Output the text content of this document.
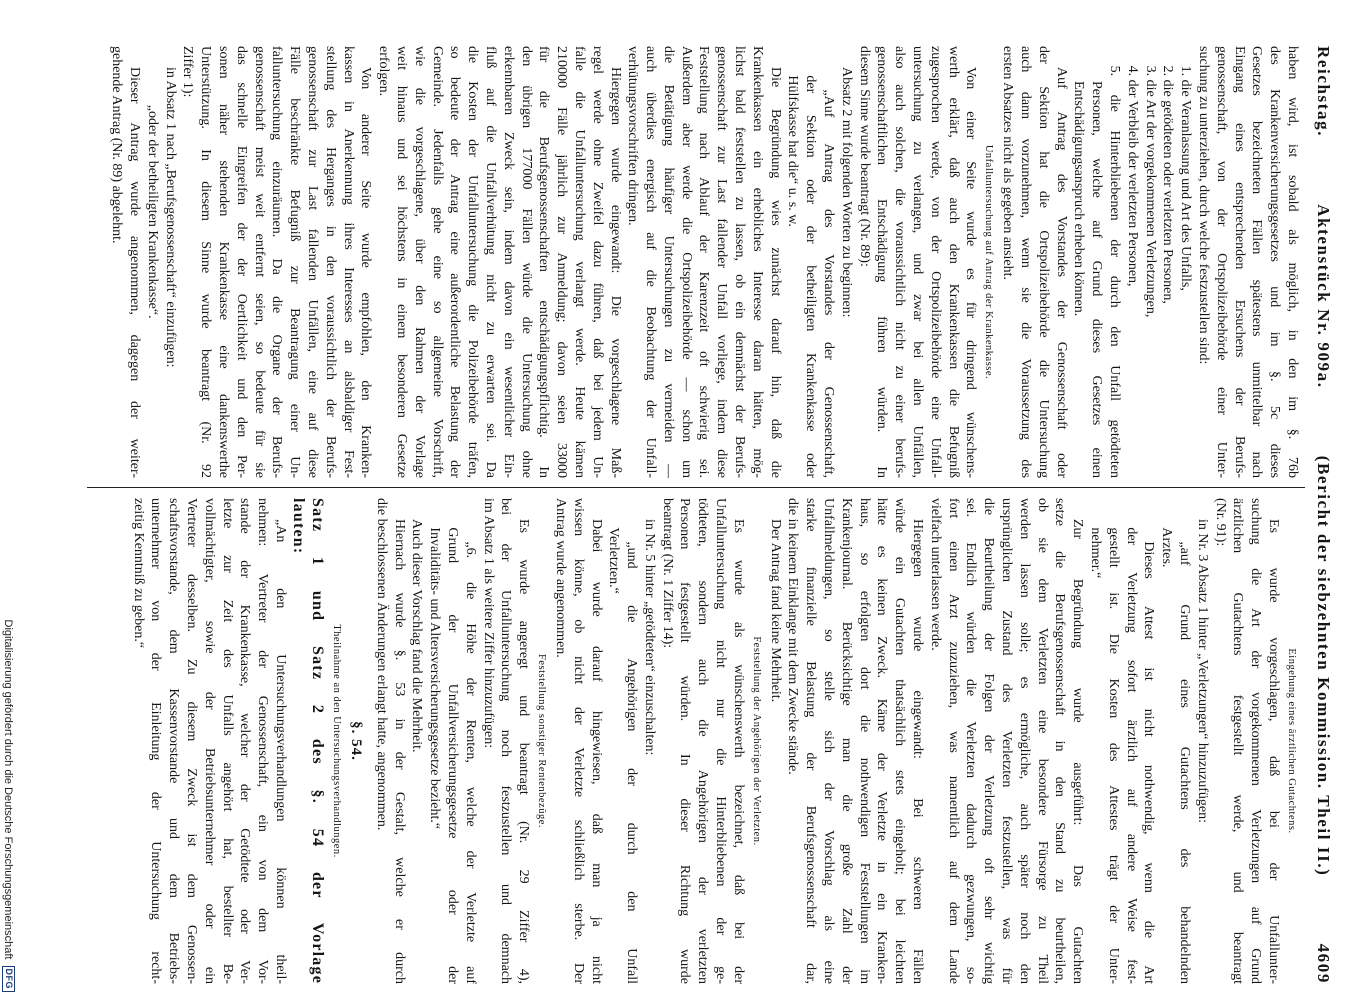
Reichstag.
Aktenstück Nr. 909a.
(Bericht der siebzehnten Kommission. Theil II.)
4609
haben wird, ist sobald als möglich, in den im §. 76b
des Krankenversicherungsgesetzes und im §. 5c dieses
Gesetzes bezeichneten Fällen spätestens unmittelbar nach
Eingang eines entsprechenden Ersuchens der Berufs-
genossenschaft, von der Ortspolizeibehörde einer Unter-
suchung zu unterziehen, durch welche festzustellen sind:
1. die Veranlassung und Art des Unfalls,
2. die getödteten oder verletzten Personen,
3. die Art der vorgekommenen Verletzungen,
4. der Verbleib der verletzten Personen,
5. die Hinterbliebenen der durch den Unfall getödteten
Personen, welche auf Grund dieses Gesetzes einen
Entschädigungsanspruch erheben können.
Auf Antrag des Vorstandes der Genossenschaft oder
der Sektion hat die Ortspolizeibehörde die Untersuchung
auch dann vorzunehmen, wenn sie die Voraussetzung des
ersten Absatzes nicht als gegeben ansieht.
Unfalluntersuchung auf Antrag der Krankenkasse.
Von einer Seite wurde es für dringend wünschens-
werth erklärt, daß auch den Krankenkassen die Befugniß
zugesprochen werde, von der Ortspolizeibehörde eine Unfall-
untersuchung zu verlangen, und zwar bei allen Unfällen,
also auch solchen, die voraussichtlich nicht zu einer berufs-
genossenschaftlichen Entschädigung führen würden. In
diesem Sinne wurde beantragt (Nr. 89):
Absatz 2 mit folgenden Worten zu beginnen:
„Auf Antrag des Vorstandes der Genossenschaft,
der Sektion oder der betheiligten Krankenkasse oder
Hülfskasse hat die“ u. s. w.
Die Begründung wies zunächst darauf hin, daß die
Krankenkassen ein erhebliches Interesse daran hätten, mög-
lichst bald feststellen zu lassen, ob ein demnächst der Berufs-
genossenschaft zur Last fallender Unfall vorliege, indem diese
Feststellung nach Ablauf der Karenzzeit oft schwierig sei.
Außerdem aber werde die Ortspolizeibehörde — schon um
die Betätigung häufiger Untersuchungen zu vermeiden —
auch überdies energisch auf die Beobachtung der Unfall-
verhütungsvorschriften dringen.
Hiergegen wurde eingewandt: Die vorgeschlagene Maß-
regel werde ohne Zweifel dazu führen, daß bei jedem Un-
falle die Unfalluntersuchung verlangt werde. Heute kämen
210000 Fälle jährlich zur Anmeldung; davon seien 33000
für die Berufsgenossenschaften entschädigungspflichtig. In
den übrigen 177000 Fällen würde die Untersuchung ohne
erkennbaren Zweck sein, indem davon ein wesentlicher Ein-
fluß auf die Unfallverhütung nicht zu erwarten sei. Da
die Kosten der Unfalluntersuchung die Polizeibehörde träfen,
so bedeute der Antrag eine außerordentliche Belastung der
Gemeinde. Jedenfalls gehe eine so allgemeine Vorschrift,
wie die vorgeschlagene, über den Rahmen der Vorlage
weit hinaus und sei höchstens in einem besonderen Gesetze
erfolgen.
Von anderer Seite wurde empfohlen, den Kranken-
kassen in Anerkennung ihres Interesses an alsbaldiger Fest-
stellung des Herganges in den voraussichtlich der Berufs-
genossenschaft zur Last fallenden Unfällen, eine auf diese
Fälle beschränkte Befugniß zur Beantragung einer Un-
falluntersuchung einzuräumen. Da die Organe der Berufs-
genossenschaft meist weit entfernt seien, so bedeute für sie
das schnelle Eingreifen der der Oertlichkeit und den Per-
sonen näher stehenden Krankenkasse eine dankenswerthe
Unterstützung. In diesem Sinne wurde beantragt (Nr. 92
Ziffer 1):
in Absatz 1 nach „Berufsgenossenschaft“ einzufügen:
„oder der betheiligten Krankenkasse“.
Dieser Antrag wurde angenommen, dagegen der weiter-
gehende Antrag (Nr. 89) abgelehnt.
Eingehung eines ärztlichen Gutachtens.
Es wurde vorgeschlagen, daß bei der Unfallunter-
suchung die Art der vorgekommenen Verletzungen auf Grund
ärztlichen Gutachtens festgestellt werde, und beantragt
(Nr. 91):
in Nr. 3 Absatz 1 hinter „Verletzungen“ hinzuzufügen:
„auf Grund eines Gutachtens des behandelnden
Arztes.
Dieses Attest ist nicht nothwendig, wenn die Art
der Verletzung sofort ärztlich auf andere Weise fest-
gestellt ist. Die Kosten des Attestes trägt der Unter-
nehmer.“
Zur Begründung wurde ausgeführt: Das Gutachten
setze die Berufsgenossenschaft in den Stand zu beurtheilen,
ob sie dem Verletzten eine besondere Fürsorge zu Theil
werden lassen solle; es ermögliche, auch später noch den
ursprünglichen Zustand des Verletzten festzustellen, was für
die Beurtheilung der Folgen der Verletzung oft sehr wichtig
sei. Endlich würden die Verletzten dadurch gezwungen, so-
fort einen Arzt zuzuziehen, was namentlich auf dem Lande
vielfach unterlassen werde.
Hiergegen wurde eingewandt: Bei schweren Fällen
würde ein Gutachten thatsächlich stets eingeholt; bei leichten
hätte es keinen Zweck. Käme der Verletzte in ein Kranken-
haus, so erfolgten dort die nothwendigen Feststellungen im
Krankenjournal. Berücksichtige man die große Zahl der
Unfallmeldungen, so stelle sich der Vorschlag als eine
starke finanzielle Belastung der Berufsgenossenschaft dar,
die in keinem Einklange mit dem Zwecke stände.
Der Antrag fand keine Mehrheit.
Feststellung der Angehörigen der Verletzten.
Es wurde als wünschenswerth bezeichnet, daß bei der
Unfalluntersuchung nicht nur die Hinterbliebenen der ge-
tödteten, sondern auch die Angehörigen der verletzten
Personen festgestellt würden. In dieser Richtung wurde
beantragt (Nr. 1 Ziffer 14):
in Nr. 5 hinter „getödteten“ einzuschalten:
„und die Angehörigen der durch den Unfall
Verletzten.“
Dabei wurde darauf hingewiesen, daß man ja nicht
wissen könne, ob nicht der Verletzte schließlich sterbe. Der
Antrag wurde angenommen.
Feststellung sonstiger Rentenbezüge.
Es wurde angeregt und beantragt (Nr. 29 Ziffer 4),
bei der Unfalluntersuchung noch festzustellen und demnach
im Absatz 1 als weitere Ziffer hinzuzufügen:
„6. die Höhe der Renten, welche der Verletzte auf
Grund der Unfallversicherungsgesetze oder der
Invaliditäts- und Altersversicherungsgesetze bezieht.“
Auch dieser Vorschlag fand die Mehrheit.
Hiernach wurde §. 53 in der Gestalt, welche er durch
die beschlossenen Änderungen erlangt hatte, angenommen.
§. 54.
Theilnahme an den Untersuchungsverhandlungen.
Satz 1 und Satz 2 des §. 54 der Vorlage
lauten:
„An den Untersuchungsverhandlungen können theil-
nehmen: Vertreter der Genossenschaft, ein von dem Vor-
stande der Krankenkasse, welcher der Getödtete oder Ver-
letzte zur Zeit des Unfalls angehört hat, bestellter Be-
vollmächtigter, sowie der Betriebsunternehmer oder ein
Vertreter desselben. Zu diesem Zweck ist dem Genossen-
schaftsvorstande, dem Kassenvorstande und dem Betriebs-
unternehmer von der Einleitung der Untersuchung recht-
zeitig Kenntniß zu geben.“
Digitalisierung gefördert durch die Deutsche Forschungsgemeinschaft
DFG
